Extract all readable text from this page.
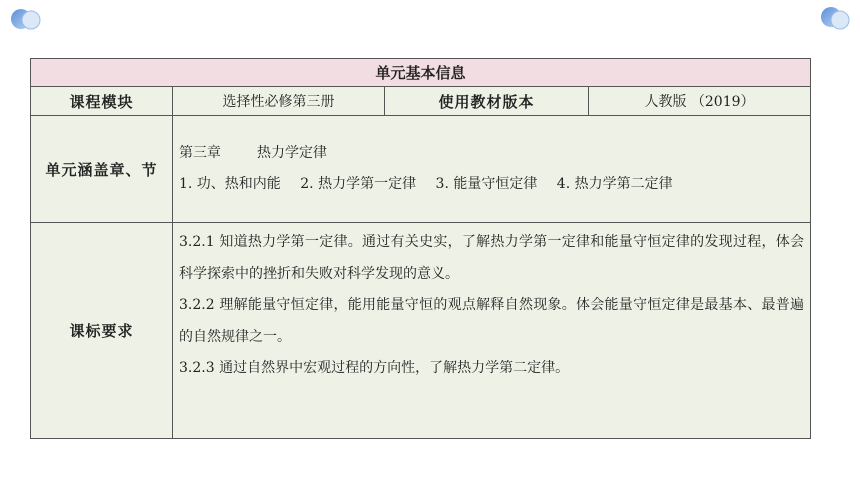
单元基本信息			
课程模块	选择性必修第三册	使用教材版本	人教版 （2019）
单元涵盖章、节	第三章 热力学定律
1. 功、热和内能 2. 热力学第一定律 3. 能量守恒定律 4. 热力学第二定律		

课标要求	3.2.1 知道热力学第一定律。通过有关史实，了解热力学第一定律和能量守恒定律的发现过程，体会科学探索中的挫折和失败对科学发现的意义。

3.2.2 理解能量守恒定律，能用能量守恒的观点解释自然现象。体会能量守恒定律是最基本、最普遍的自然规律之一。

3.2.3 通过自然界中宏观过程的方向性，了解热力学第二定律。		
